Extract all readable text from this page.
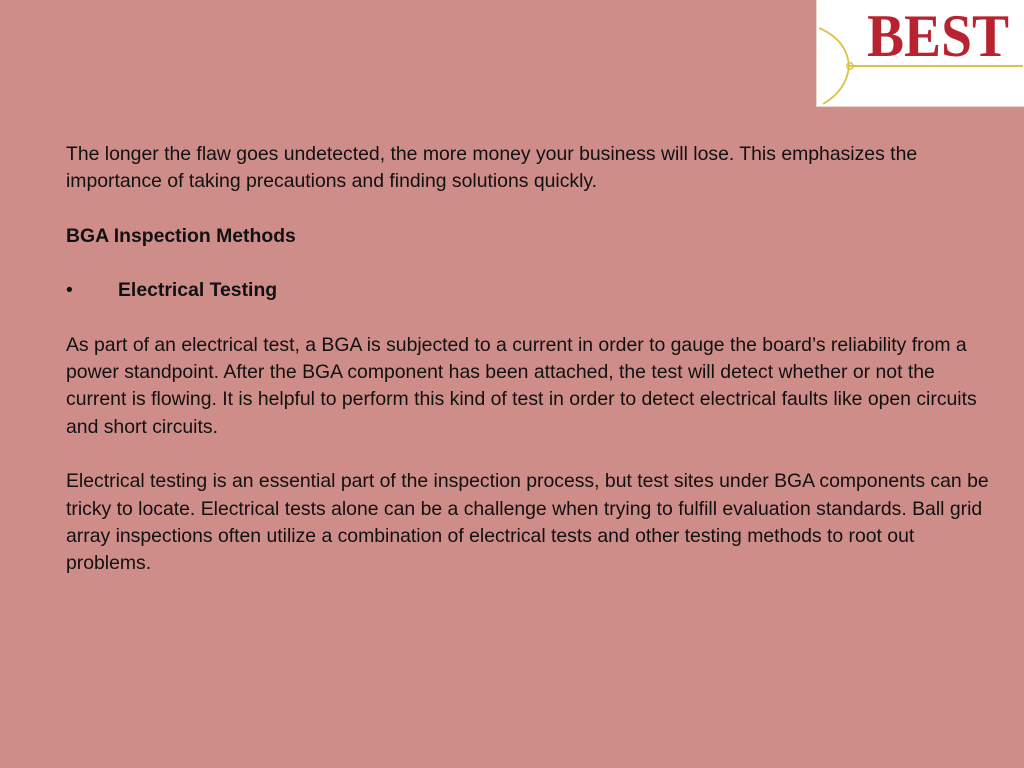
BEST

The longer the flaw goes undetected, the more money your business will lose. This emphasizes the importance of taking precautions and finding solutions quickly.

BGA Inspection Methods

•	Electrical Testing

As part of an electrical test, a BGA is subjected to a current in order to gauge the board’s reliability from a power standpoint. After the BGA component has been attached, the test will detect whether or not the current is flowing. It is helpful to perform this kind of test in order to detect electrical faults like open circuits and short circuits.

Electrical testing is an essential part of the inspection process, but test sites under BGA components can be tricky to locate. Electrical tests alone can be a challenge when trying to fulfill evaluation standards. Ball grid array inspections often utilize a combination of electrical tests and other testing methods to root out problems.
